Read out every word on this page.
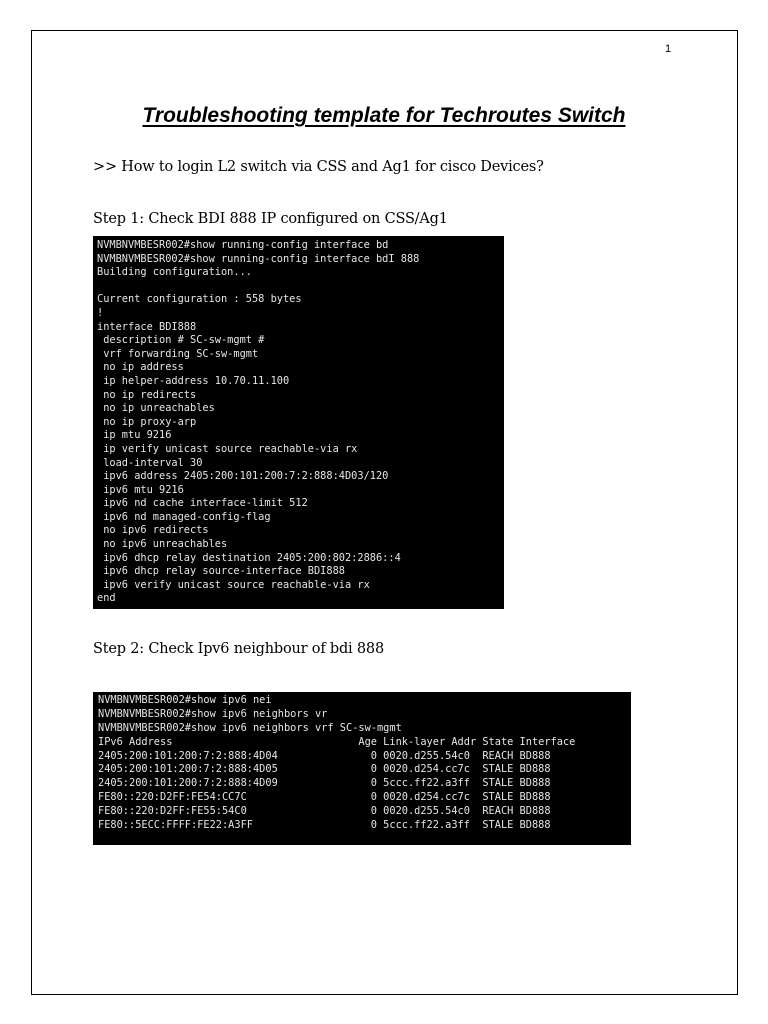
1
Troubleshooting template for Techroutes Switch
>> How to login L2 switch via CSS and Ag1 for cisco Devices?
Step 1: Check BDI 888 IP configured on CSS/Ag1
NVMBNVMBESR002#show running-config interface bd
NVMBNVMBESR002#show running-config interface bdI 888
Building configuration...
Current configuration : 558 bytes
!
interface BDI888
description # SC-sw-mgmt #
vrf forwarding SC-sw-mgmt
no ip address
ip helper-address 10.70.11.100
no ip redirects
no ip unreachables
no ip proxy-arp
ip mtu 9216
ip verify unicast source reachable-via rx
load-interval 30
ipv6 address 2405:200:101:200:7:2:888:4D03/120
ipv6 mtu 9216
ipv6 nd cache interface-limit 512
ipv6 nd managed-config-flag
no ipv6 redirects
no ipv6 unreachables
ipv6 dhcp relay destination 2405:200:802:2886::4
ipv6 dhcp relay source-interface BDI888
ipv6 verify unicast source reachable-via rx
end
Step 2: Check Ipv6 neighbour of bdi 888
NVMBNVMBESR002#show ipv6 nei
NVMBNVMBESR002#show ipv6 neighbors vr
NVMBNVMBESR002#show ipv6 neighbors vrf SC-sw-mgmt
IPv6 Address                              Age Link-layer Addr State Interface
2405:200:101:200:7:2:888:4D04               0 0020.d255.54c0  REACH BD888
2405:200:101:200:7:2:888:4D05               0 0020.d254.cc7c  STALE BD888
2405:200:101:200:7:2:888:4D09               0 5ccc.ff22.a3ff  STALE BD888
FE80::220:D2FF:FE54:CC7C                    0 0020.d254.cc7c  STALE BD888
FE80::220:D2FF:FE55:54C0                    0 0020.d255.54c0  REACH BD888
FE80::5ECC:FFFF:FE22:A3FF                   0 5ccc.ff22.a3ff  STALE BD888
